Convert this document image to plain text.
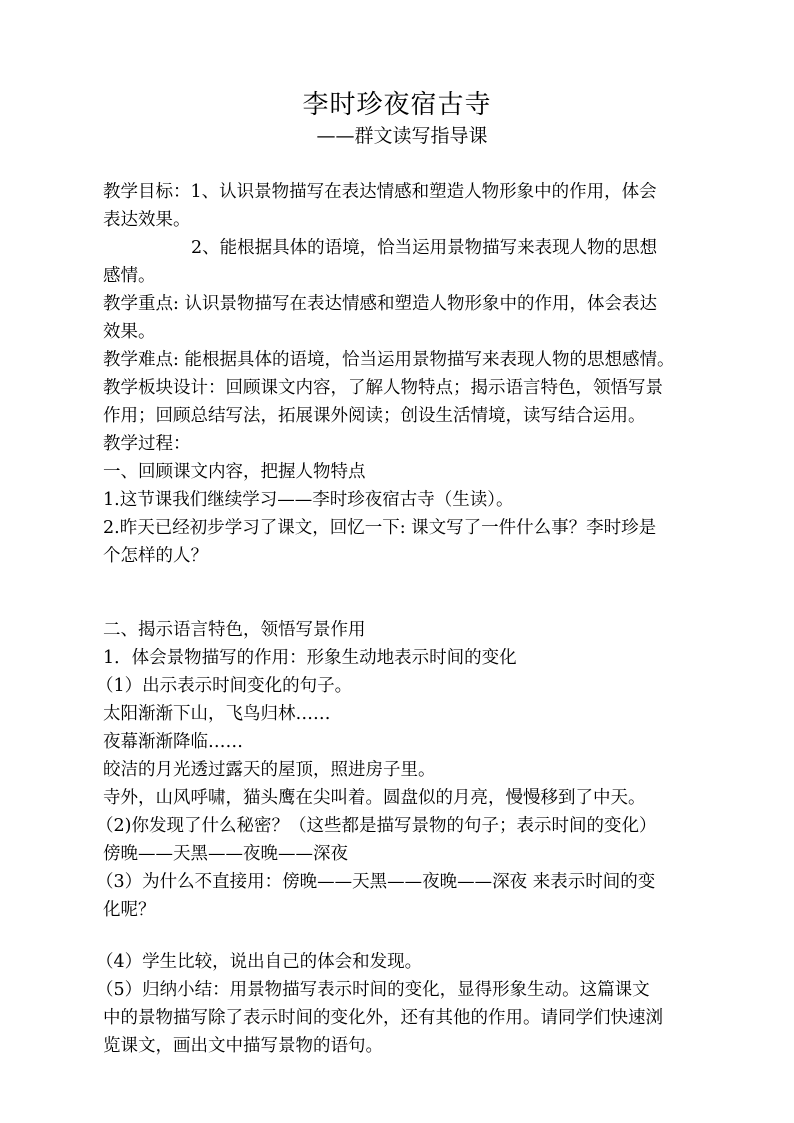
李时珍夜宿古寺
——群文读写指导课
教学目标：1、认识景物描写在表达情感和塑造人物形象中的作用，体会
表达效果。
2、能根据具体的语境，恰当运用景物描写来表现人物的思想
感情。
教学重点: 认识景物描写在表达情感和塑造人物形象中的作用，体会表达
效果。
教学难点: 能根据具体的语境，恰当运用景物描写来表现人物的思想感情。
教学板块设计：回顾课文内容，了解人物特点；揭示语言特色，领悟写景
作用；回顾总结写法，拓展课外阅读；创设生活情境，读写结合运用。
教学过程：
一、回顾课文内容，把握人物特点
1.这节课我们继续学习——李时珍夜宿古寺（生读）。
2.昨天已经初步学习了课文，回忆一下: 课文写了一件什么事？李时珍是
个怎样的人？
二、揭示语言特色，领悟写景作用
1．体会景物描写的作用：形象生动地表示时间的变化
（1）出示表示时间变化的句子。
太阳渐渐下山，飞鸟归林……
夜幕渐渐降临……
皎洁的月光透过露天的屋顶，照进房子里。
寺外，山风呼啸，猫头鹰在尖叫着。圆盘似的月亮，慢慢移到了中天。
（2)你发现了什么秘密？（这些都是描写景物的句子；表示时间的变化）
傍晚——天黑——夜晚——深夜
（3）为什么不直接用：傍晚——天黑——夜晚——深夜 来表示时间的变
化呢？
（4）学生比较，说出自己的体会和发现。
（5）归纳小结：用景物描写表示时间的变化，显得形象生动。这篇课文
中的景物描写除了表示时间的变化外，还有其他的作用。请同学们快速浏
览课文，画出文中描写景物的语句。
